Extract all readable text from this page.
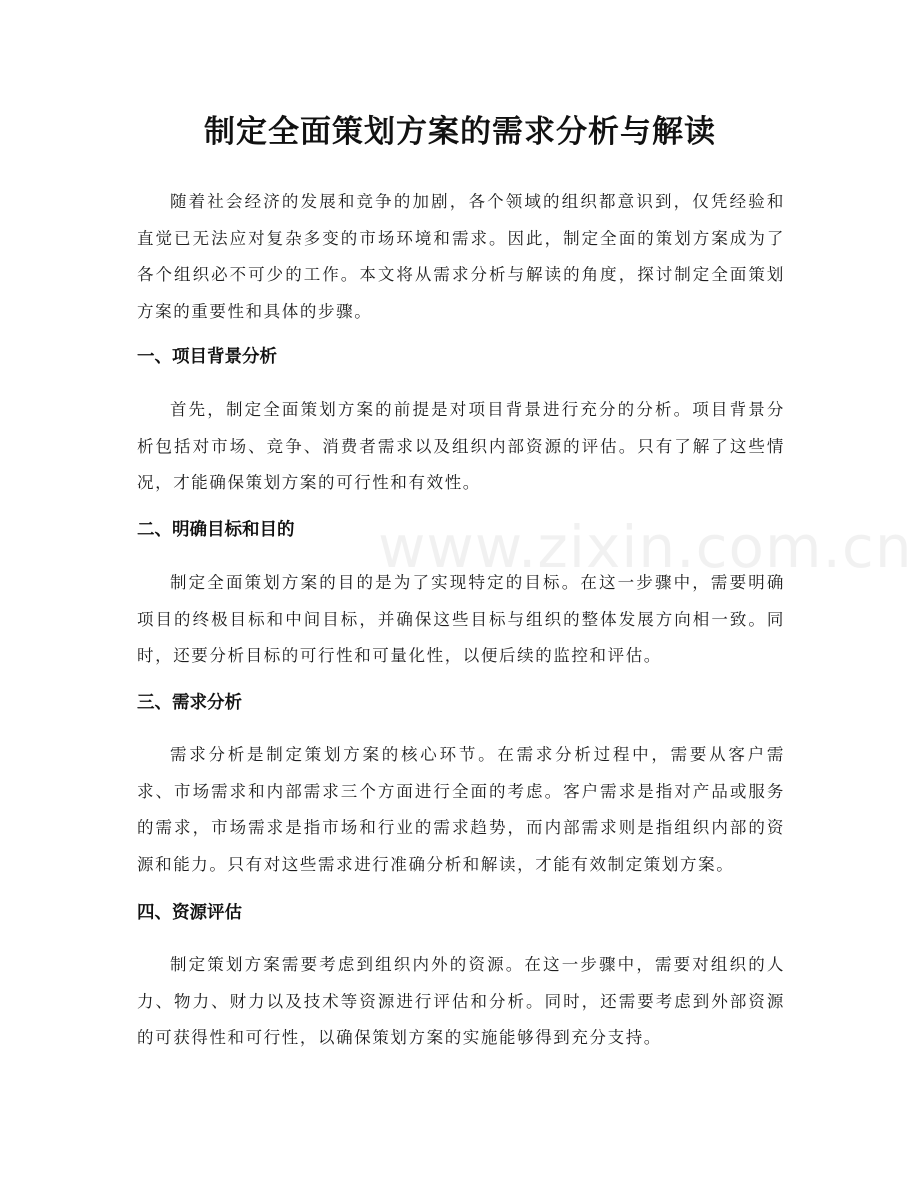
www.zixin.com.cn
制定全面策划方案的需求分析与解读

随着社会经济的发展和竞争的加剧，各个领域的组织都意识到，仅凭经验和直觉已无法应对复杂多变的市场环境和需求。因此，制定全面的策划方案成为了各个组织必不可少的工作。本文将从需求分析与解读的角度，探讨制定全面策划方案的重要性和具体的步骤。

一、项目背景分析

首先，制定全面策划方案的前提是对项目背景进行充分的分析。项目背景分析包括对市场、竞争、消费者需求以及组织内部资源的评估。只有了解了这些情况，才能确保策划方案的可行性和有效性。

二、明确目标和目的

制定全面策划方案的目的是为了实现特定的目标。在这一步骤中，需要明确项目的终极目标和中间目标，并确保这些目标与组织的整体发展方向相一致。同时，还要分析目标的可行性和可量化性，以便后续的监控和评估。

三、需求分析

需求分析是制定策划方案的核心环节。在需求分析过程中，需要从客户需求、市场需求和内部需求三个方面进行全面的考虑。客户需求是指对产品或服务的需求，市场需求是指市场和行业的需求趋势，而内部需求则是指组织内部的资源和能力。只有对这些需求进行准确分析和解读，才能有效制定策划方案。

四、资源评估

制定策划方案需要考虑到组织内外的资源。在这一步骤中，需要对组织的人力、物力、财力以及技术等资源进行评估和分析。同时，还需要考虑到外部资源的可获得性和可行性，以确保策划方案的实施能够得到充分支持。
